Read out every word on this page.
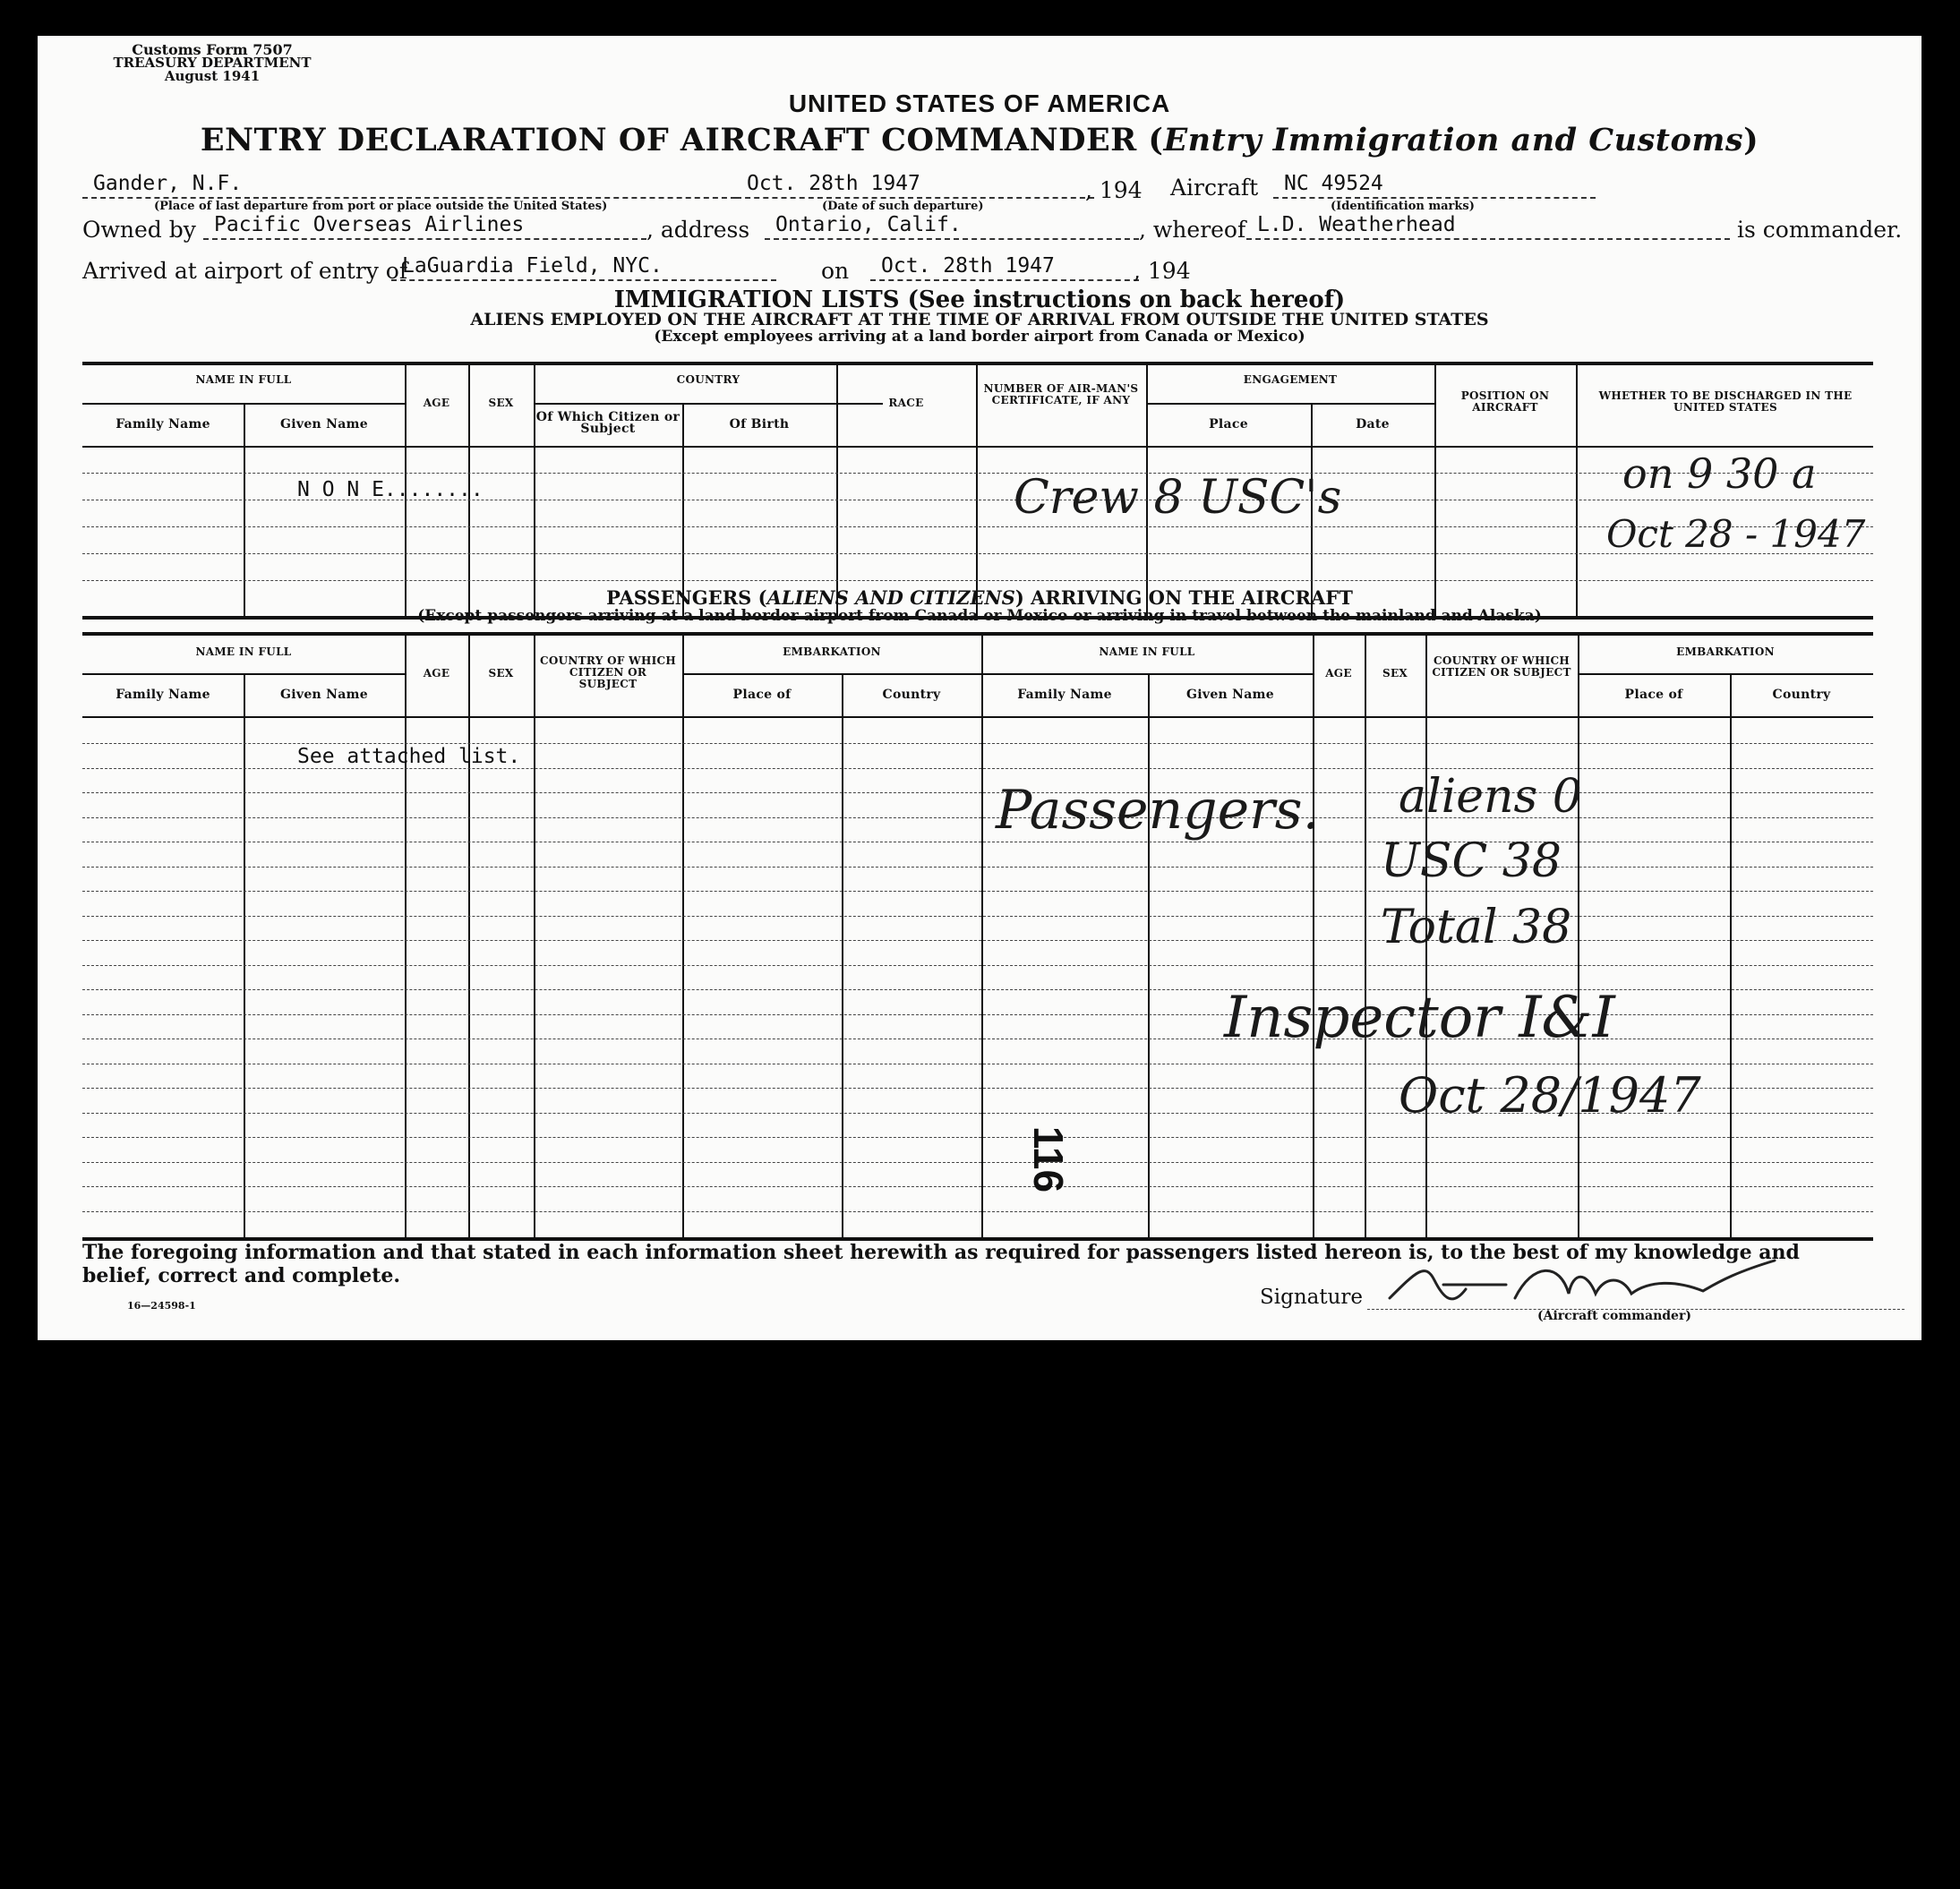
Customs Form 7507
TREASURY DEPARTMENT
August 1941
UNITED STATES OF AMERICA
ENTRY DECLARATION OF AIRCRAFT COMMANDER (Entry Immigration and Customs)
Gander, N.F.
(Place of last departure from port or place outside the United States)
Oct. 28th 1947
(Date of such departure)
, 194 Aircraft	NC 49524
(Identification marks)
Owned by Pacific Overseas Airlines	, address	Ontario, Calif.	, whereof L.D. Weatherhead	is commander.
Arrived at airport of entry of
LaGuardia Field, NYC.	on	Oct. 28th 1947	, 194
IMMIGRATION LISTS (See instructions on back hereof)
ALIENS EMPLOYED ON THE AIRCRAFT AT THE TIME OF ARRIVAL FROM OUTSIDE THE UNITED STATES
(Except employees arriving at a land border airport from Canada or Mexico)
NAME IN FULL
Family Name	Given Name
AGE	SEX
COUNTRY
Of Which Citizen or Subject	Of Birth
RACE
NUMBER OF AIR-MAN'S CERTIFICATE, IF ANY
ENGAGEMENT
Place	Date
POSITION ON AIRCRAFT
WHETHER TO BE DISCHARGED IN THE UNITED STATES
N O N E........	Crew 8 USC's	on 9 30 a
Oct 28 - 1947
PASSENGERS (ALIENS AND CITIZENS) ARRIVING ON THE AIRCRAFT
(Except passengers arriving at a land border airport from Canada or Mexico or arriving in travel between the mainland and Alaska)
NAME IN FULL
Family Name	Given Name
AGE	SEX
COUNTRY OF WHICH CITIZEN OR SUBJECT
EMBARKATION
Place of	Country
NAME IN FULL
Family Name	Given Name
AGE	SEX
COUNTRY OF WHICH CITIZEN OR SUBJECT
EMBARKATION
Place of	Country
See attached list.
Passengers. aliens 0
USC 38
Total 38
Inspector I&I
Oct 28/1947
116
The foregoing information and that stated in each information sheet herewith as required for passengers listed hereon is, to the best of my knowledge and belief, correct and complete.
16—24598-1	Signature
(Aircraft commander)
